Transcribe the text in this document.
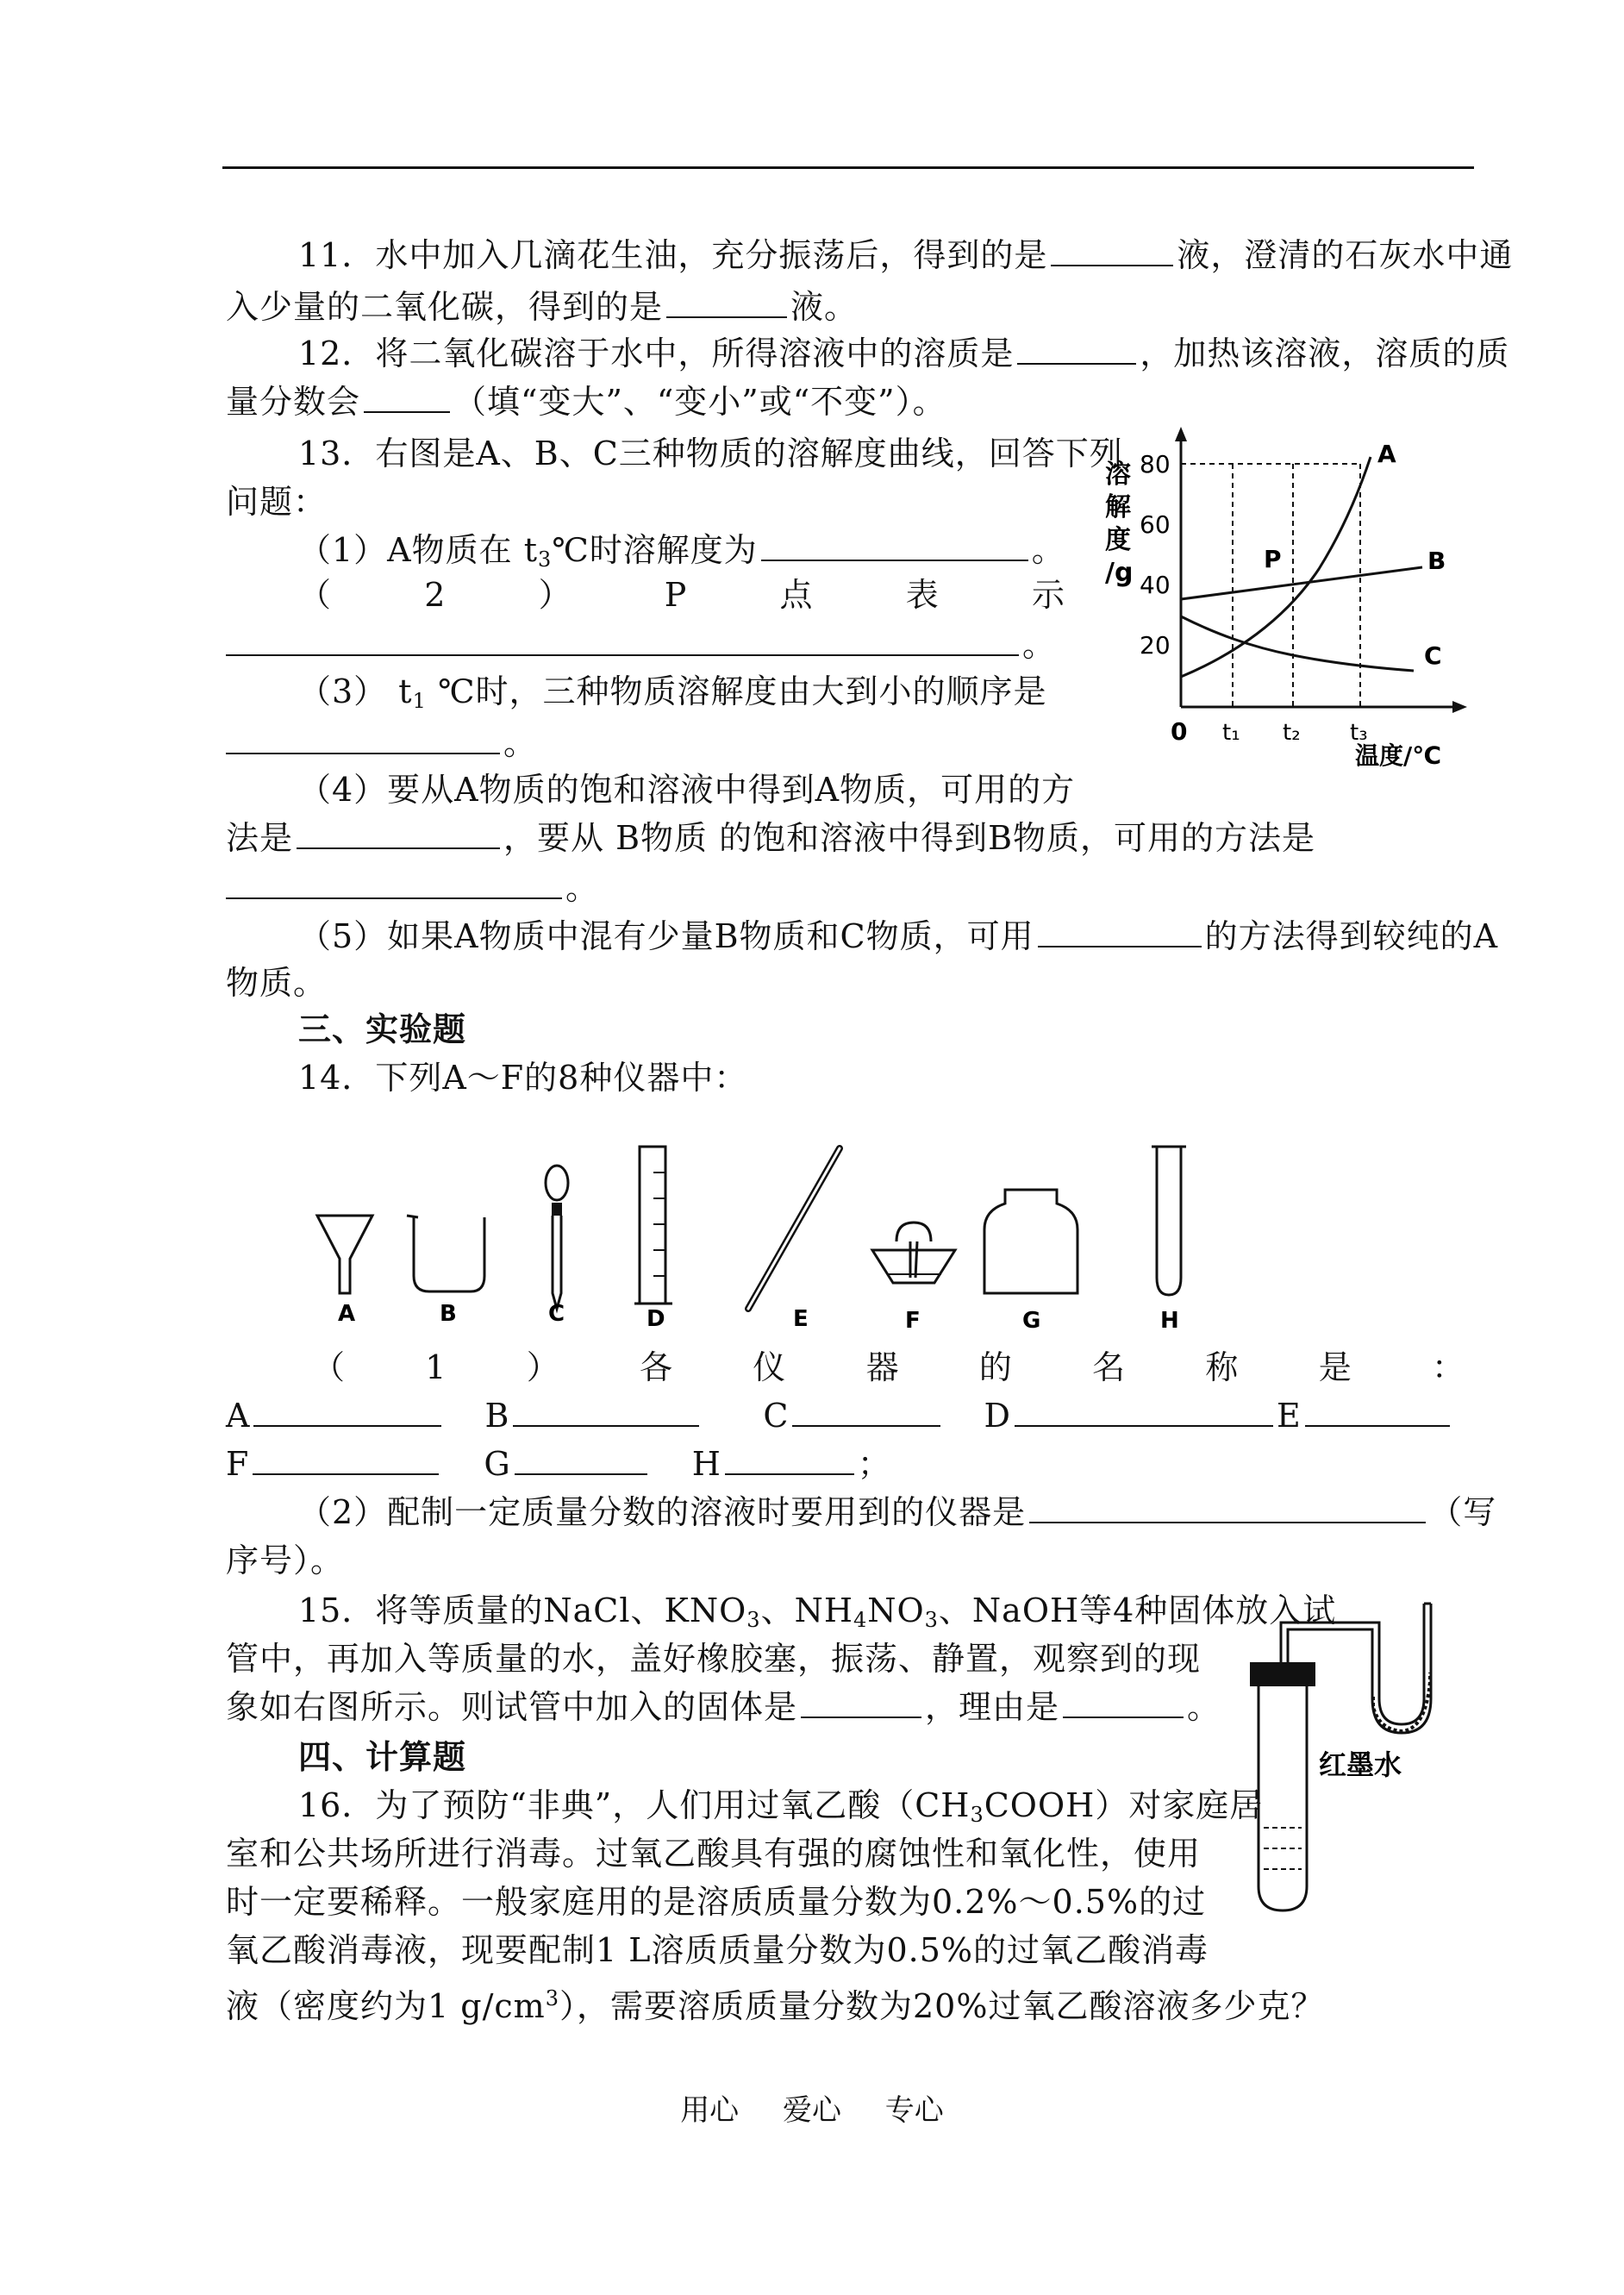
11．水中加入几滴花生油，充分振荡后，得到的是	液，澄清的石灰水中通
入少量的二氧化碳，得到的是	液。
12．将二氧化碳溶于水中，所得溶液中的溶质是	，加热该溶液，溶质的质
量分数会	（填“变大”、“变小”或“不变”）。
13．右图是A、B、C三种物质的溶解度曲线，回答下列
问题：
（1）A物质在 $t_3℃$时溶解度为	。
（	2	）	P	点	表	示
。
（3） $t_1$ ℃时，三种物质溶解度由大到小的顺序是
。
（4）要从A物质的饱和溶液中得到A物质，可用的方
法是	，要从 B物质 的饱和溶液中得到B物质，可用的方法是
。
（5）如果A物质中混有少量B物质和C物质，可用	的方法得到较纯的A
物质。
溶
解
度
/g
80
60
40
20
0 t₁ t₂ t₃
温度/℃
A
B
C
P
三、实验题
14．下列A～F的8种仪器中：
A	B	C	D	E	F	G	H
（ 1 ） 各 仪 器 的 名 称 是 ：
A	B	C	D	E
F	G	H	；
（2）配制一定质量分数的溶液时要用到的仪器是	（写
序号）。
15．将等质量的NaCl、$KNO_3$、$NH_4NO_3$、NaOH等4种固体放入试
管中，再加入等质量的水，盖好橡胶塞，振荡、静置，观察到的现
象如右图所示。则试管中加入的固体是	，理由是	。
红墨水
四、计算题
16．为了预防“非典”，人们用过氧乙酸$(CH_3COOH)$对家庭居
室和公共场所进行消毒。过氧乙酸具有强的腐蚀性和氧化性，使用
时一定要稀释。一般家庭用的是溶质质量分数为0.2%～0.5%的过
氧乙酸消毒液，现要配制1 L溶质质量分数为0.5%的过氧乙酸消毒
液（密度约为1 $g/cm^3$），需要溶质质量分数为20%过氧乙酸溶液多少克？
用心 爱心 专心
